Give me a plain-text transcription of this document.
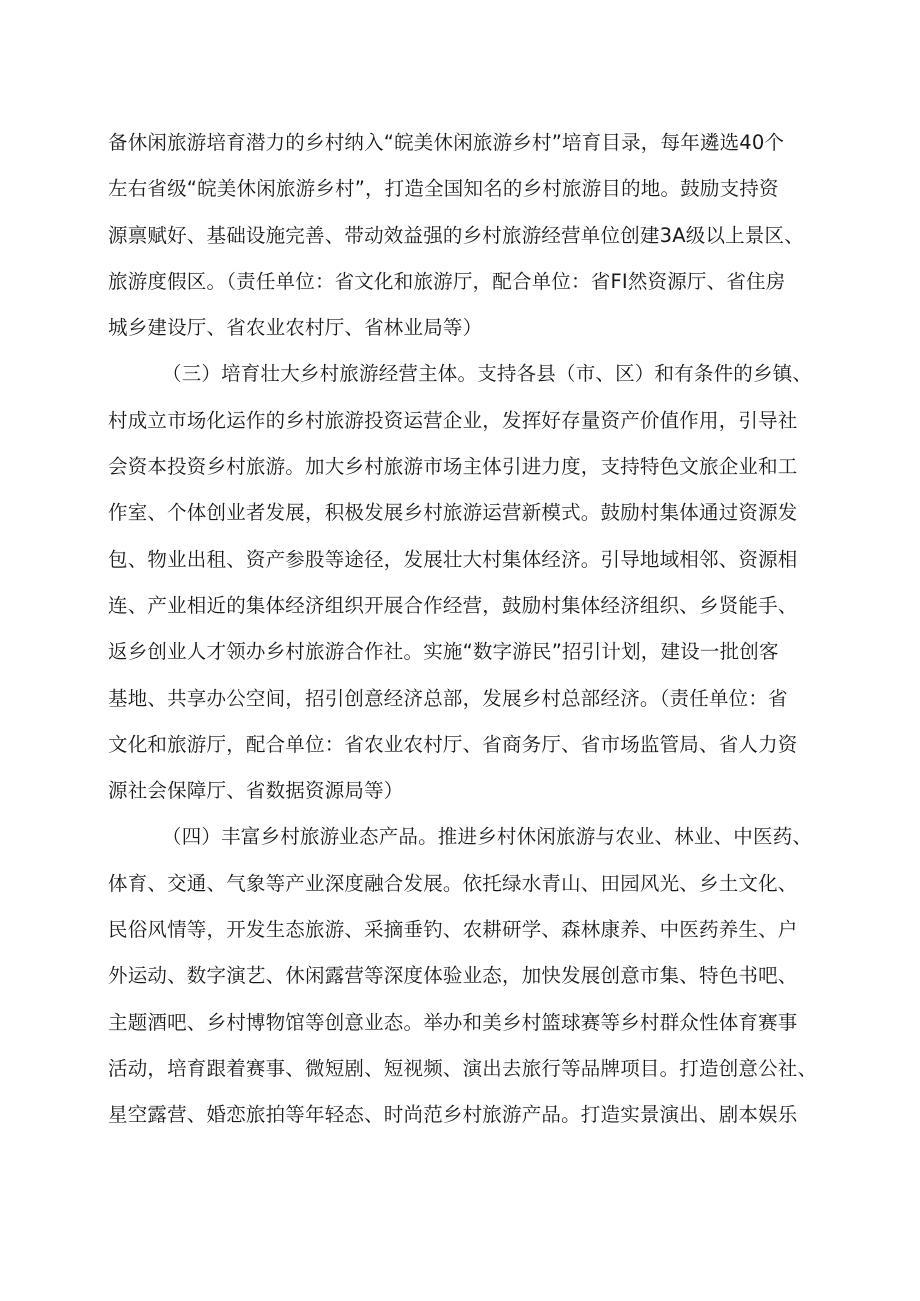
备休闲旅游培育潜力的乡村纳入“皖美休闲旅游乡村”培育目录，每年遴选40个
左右省级“皖美休闲旅游乡村”，打造全国知名的乡村旅游目的地。鼓励支持资
源禀赋好、基础设施完善、带动效益强的乡村旅游经营单位创建3A级以上景区、
旅游度假区。（责任单位：省文化和旅游厅，配合单位：省FI然资源厅、省住房
城乡建设厅、省农业农村厅、省林业局等）
（三）培育壮大乡村旅游经营主体。支持各县（市、区）和有条件的乡镇、
村成立市场化运作的乡村旅游投资运营企业，发挥好存量资产价值作用，引导社
会资本投资乡村旅游。加大乡村旅游市场主体引进力度，支持特色文旅企业和工
作室、个体创业者发展，积极发展乡村旅游运营新模式。鼓励村集体通过资源发
包、物业出租、资产参股等途径，发展壮大村集体经济。引导地域相邻、资源相
连、产业相近的集体经济组织开展合作经营，鼓励村集体经济组织、乡贤能手、
返乡创业人才领办乡村旅游合作社。实施“数字游民”招引计划，建设一批创客
基地、共享办公空间，招引创意经济总部，发展乡村总部经济。（责任单位：省
文化和旅游厅，配合单位：省农业农村厅、省商务厅、省市场监管局、省人力资
源社会保障厅、省数据资源局等）
（四）丰富乡村旅游业态产品。推进乡村休闲旅游与农业、林业、中医药、
体育、交通、气象等产业深度融合发展。依托绿水青山、田园风光、乡土文化、
民俗风情等，开发生态旅游、采摘垂钓、农耕研学、森林康养、中医药养生、户
外运动、数字演艺、休闲露营等深度体验业态，加快发展创意市集、特色书吧、
主题酒吧、乡村博物馆等创意业态。举办和美乡村篮球赛等乡村群众性体育赛事
活动，培育跟着赛事、微短剧、短视频、演出去旅行等品牌项目。打造创意公社、
星空露营、婚恋旅拍等年轻态、时尚范乡村旅游产品。打造实景演出、剧本娱乐
